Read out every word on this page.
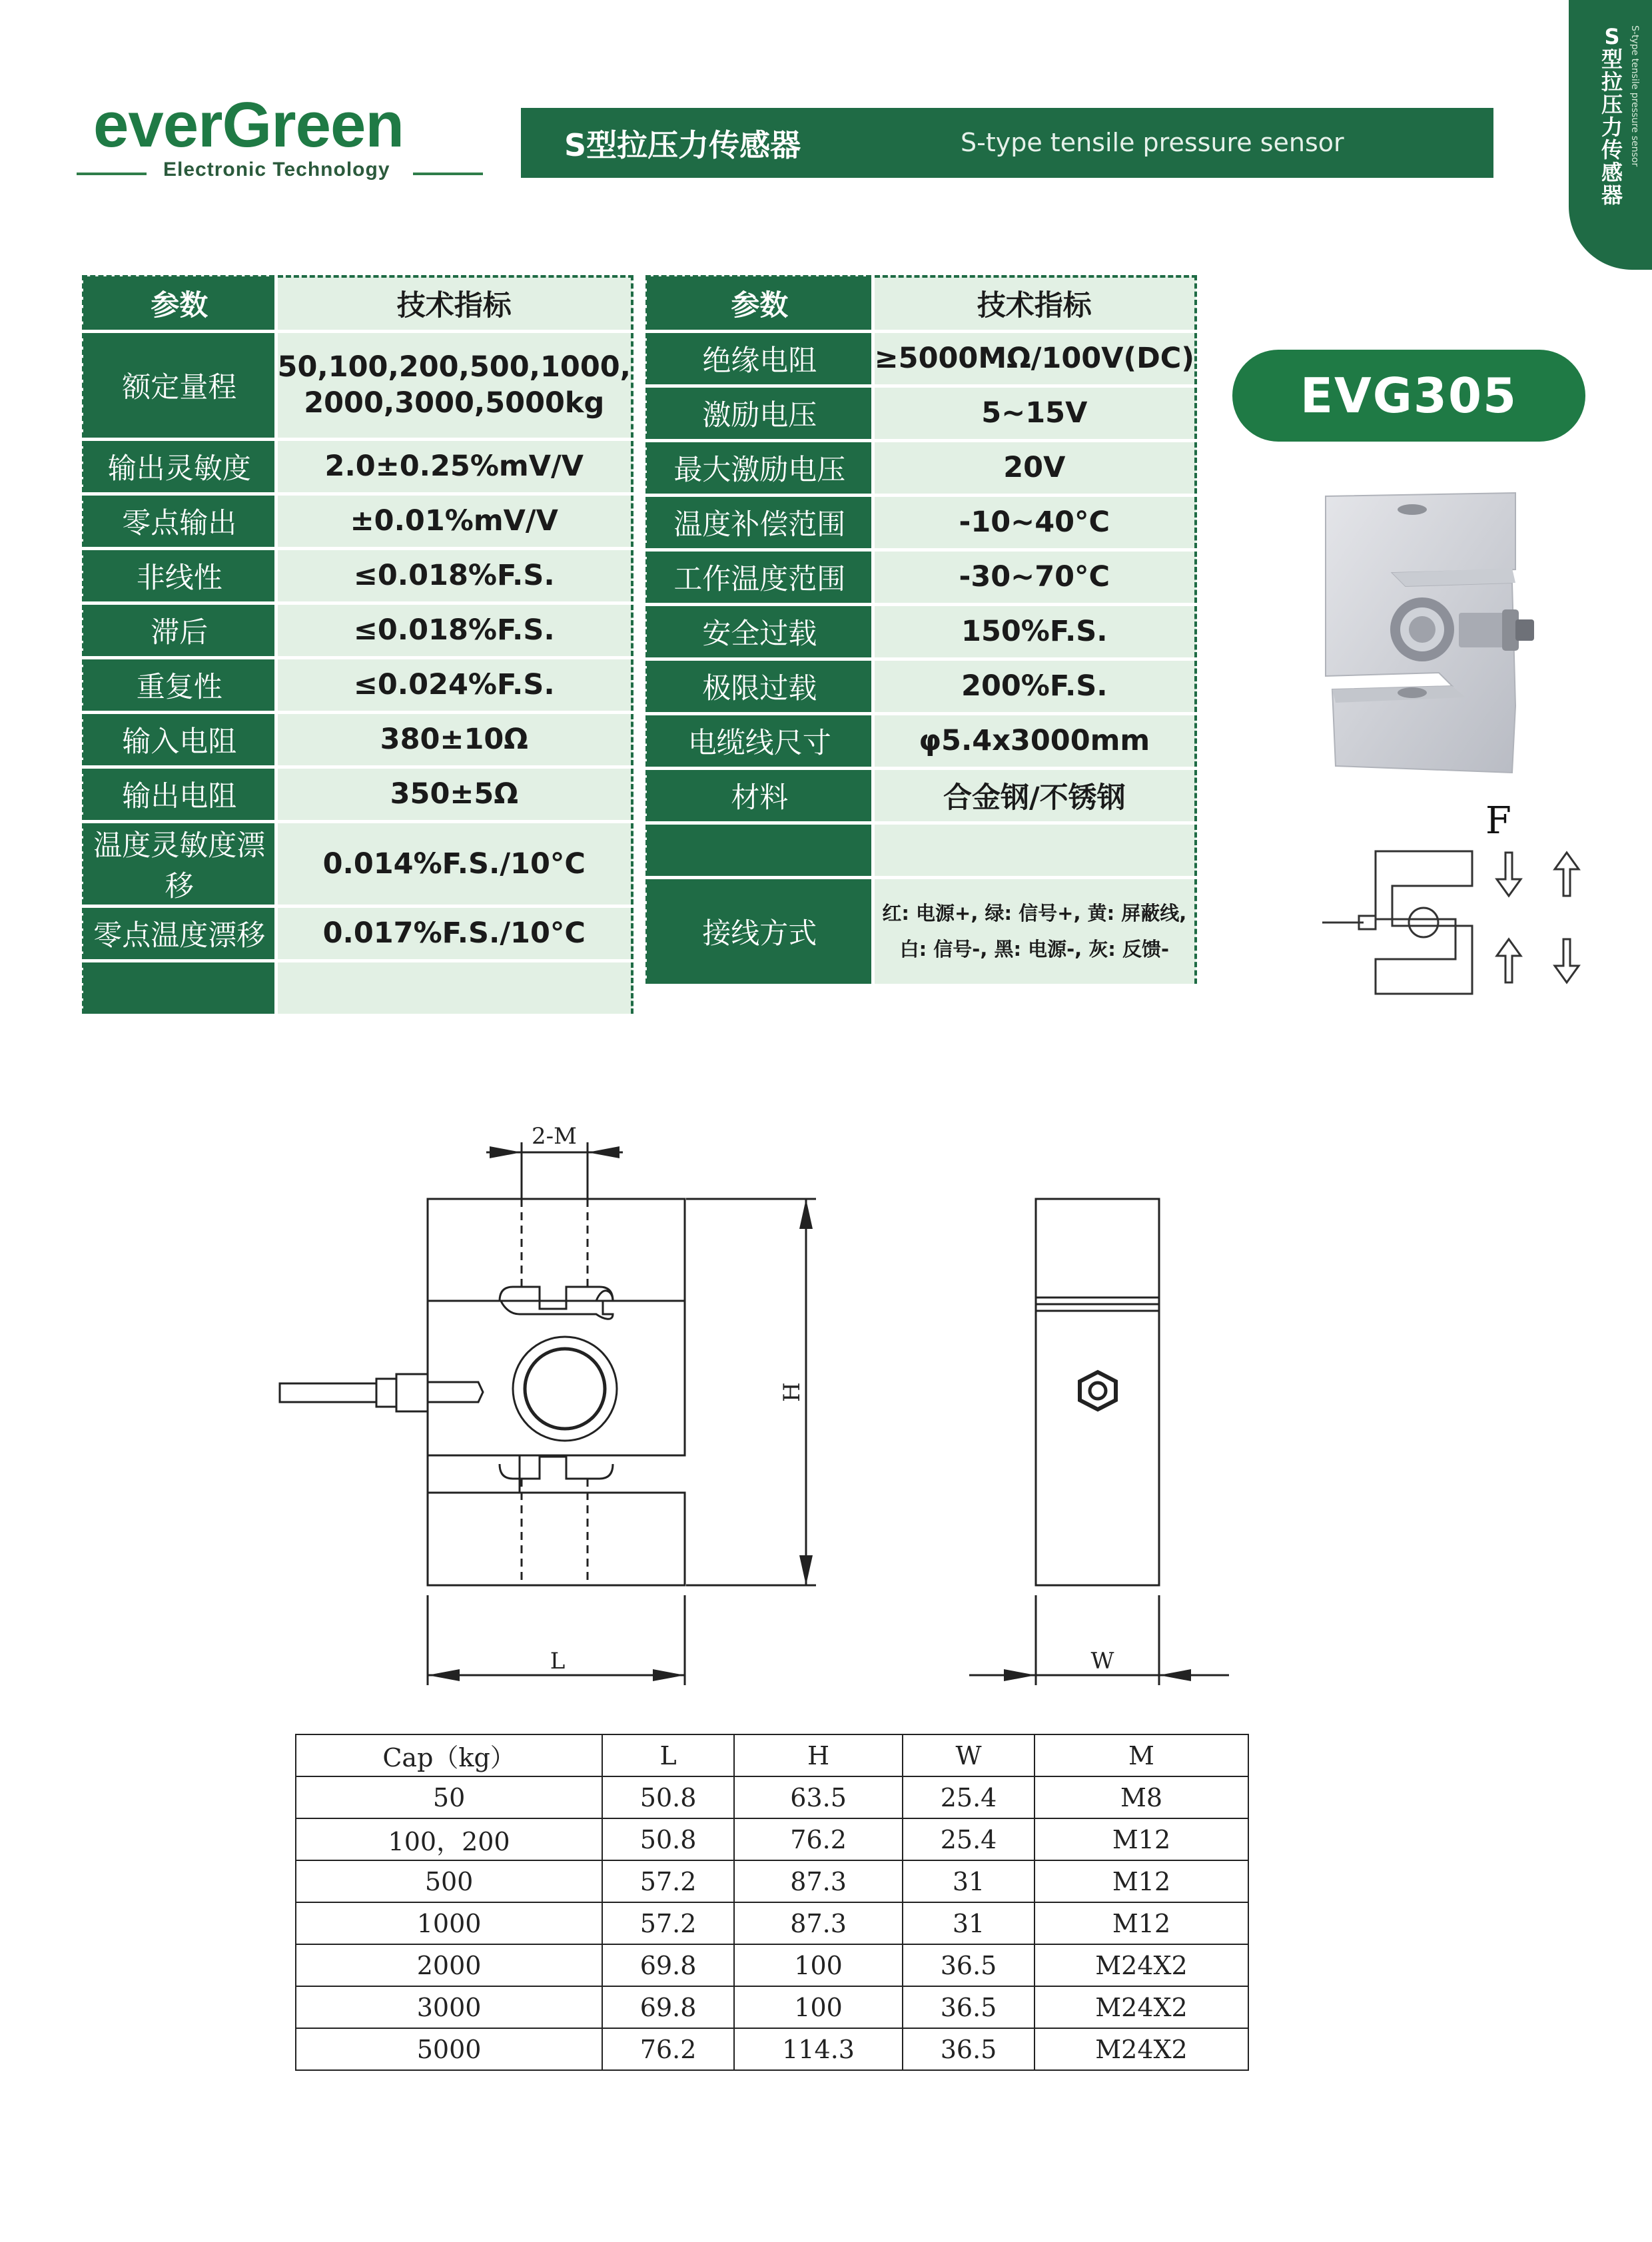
everGreen
Electronic Technology
S型拉压力传感器	S-type tensile pressure sensor
S型拉压力传感器
S-type tensile pressure sensor
参数	技术指标
额定量程	50,100,200,500,1000,
2000,3000,5000kg

输出灵敏度	2.0±0.25%mV/V
零点输出	±0.01%mV/V
非线性	≤0.018%F.S.
滞后	≤0.018%F.S.
重复性	≤0.024%F.S.
输入电阻	380±10Ω
输出电阻	350±5Ω
温度灵敏度漂移	0.014%F.S./10°C
零点温度漂移	0.017%F.S./10°C

参数	技术指标
绝缘电阻	≥5000MΩ/100V(DC)
激励电压	5~15V
最大激励电压	20V
温度补偿范围	-10~40°C
工作温度范围	-30~70°C
安全过载	150%F.S.
极限过载	200%F.S.
电缆线尺寸	φ5.4x3000mm
材料	合金钢/不锈钢

接线方式	红: 电源+, 绿: 信号+, 黄: 屏蔽线,
白: 信号-, 黑: 电源-, 灰: 反馈-
EVG305
F
2-M
H
L	W
Cap（kg）	L	H	W	M
50	50.8	63.5	25.4	M8
100，200	50.8	76.2	25.4	M12
500	57.2	87.3	31	M12
1000	57.2	87.3	31	M12
2000	69.8	100	36.5	M24X2
3000	69.8	100	36.5	M24X2
5000	76.2	114.3	36.5	M24X2
